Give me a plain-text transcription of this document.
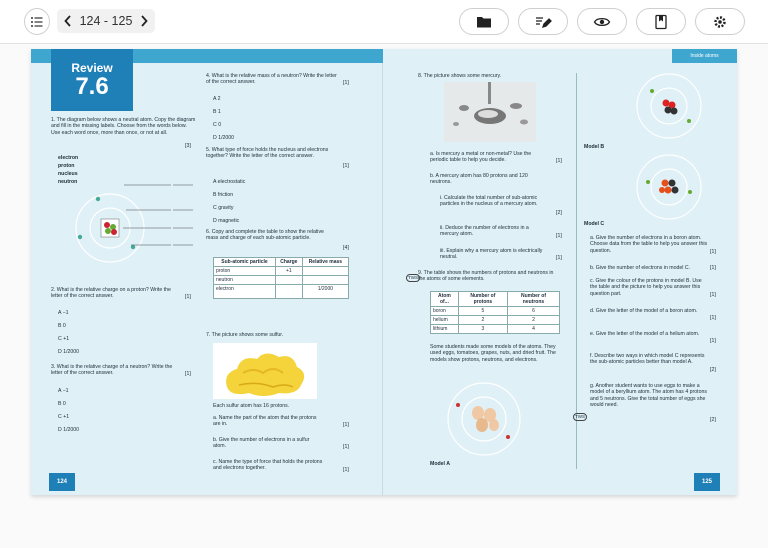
124 - 125
Review
7.6
1. The diagram below shows a neutral atom. Copy the diagram and fill in the missing labels. Choose from the words below. Use each word once, more than once, or not at all.
[3]
electron
proton
nucleus
neutron
2. What is the relative charge on a proton? Write the letter of the correct answer.	[1]
A −1
B 0
C +1
D 1/2000
3. What is the relative charge of a neutron? Write the letter of the correct answer.	[1]
A −1
B 0
C +1
D 1/2000
4. What is the relative mass of a neutron? Write the letter of the correct answer.	[1]
A 2
B 1
C 0
D 1/2000
5. What type of force holds the nucleus and electrons together? Write the letter of the correct answer.
[1]
A electrostatic
B friction
C gravity
D magnetic
6. Copy and complete the table to show the relative mass and charge of each sub-atomic particle.
[4]
Sub-atomic particle	Charge	Relative mass
proton	+1	
neutron		
electron		1/2000
7. The picture shows some sulfur.
Each sulfur atom has 16 protons.
a. Name the part of the atom that the protons are in.	[1]
b. Give the number of electrons in a sulfur atom.	[1]
c. Name the type of force that holds the protons and electrons together.	[1]
124
Inside atoms
8. The picture shows some mercury.
a. Is mercury a metal or non-metal? Use the periodic table to help you decide.	[1]
b. A mercury atom has 80 protons and 120 neutrons.
i. Calculate the total number of sub-atomic particles in the nucleus of a mercury atom.
[2]
ii. Deduce the number of electrons in a mercury atom.	[1]
iii. Explain why a mercury atom is electrically neutral.	[1]
TWS
9. The table shows the numbers of protons and neutrons in the atoms of some elements.
Atom of...	Number of protons	Number of neutrons
boron	5	6
helium	2	2
lithium	3	4
Some students made some models of the atoms. They used eggs, tomatoes, grapes, nuts, and dried fruit. The models show protons, neutrons, and electrons.
Model A
Model B
Model C
a. Give the number of electrons in a boron atom. Choose data from the table to help you answer this question.	[1]
b. Give the number of electrons in model C.	[1]
c. Give the colour of the protons in model B. Use the table and the picture to help you answer this question part.	[1]
d. Give the letter of the model of a boron atom.
[1]
e. Give the letter of the model of a helium atom.
[1]
f. Describe two ways in which model C represents the sub-atomic particles better than model A.
[2]
TWS
g. Another student wants to use eggs to make a model of a beryllium atom. The atom has 4 protons and 5 neutrons. Give the total number of eggs she would need.
[2]
125
